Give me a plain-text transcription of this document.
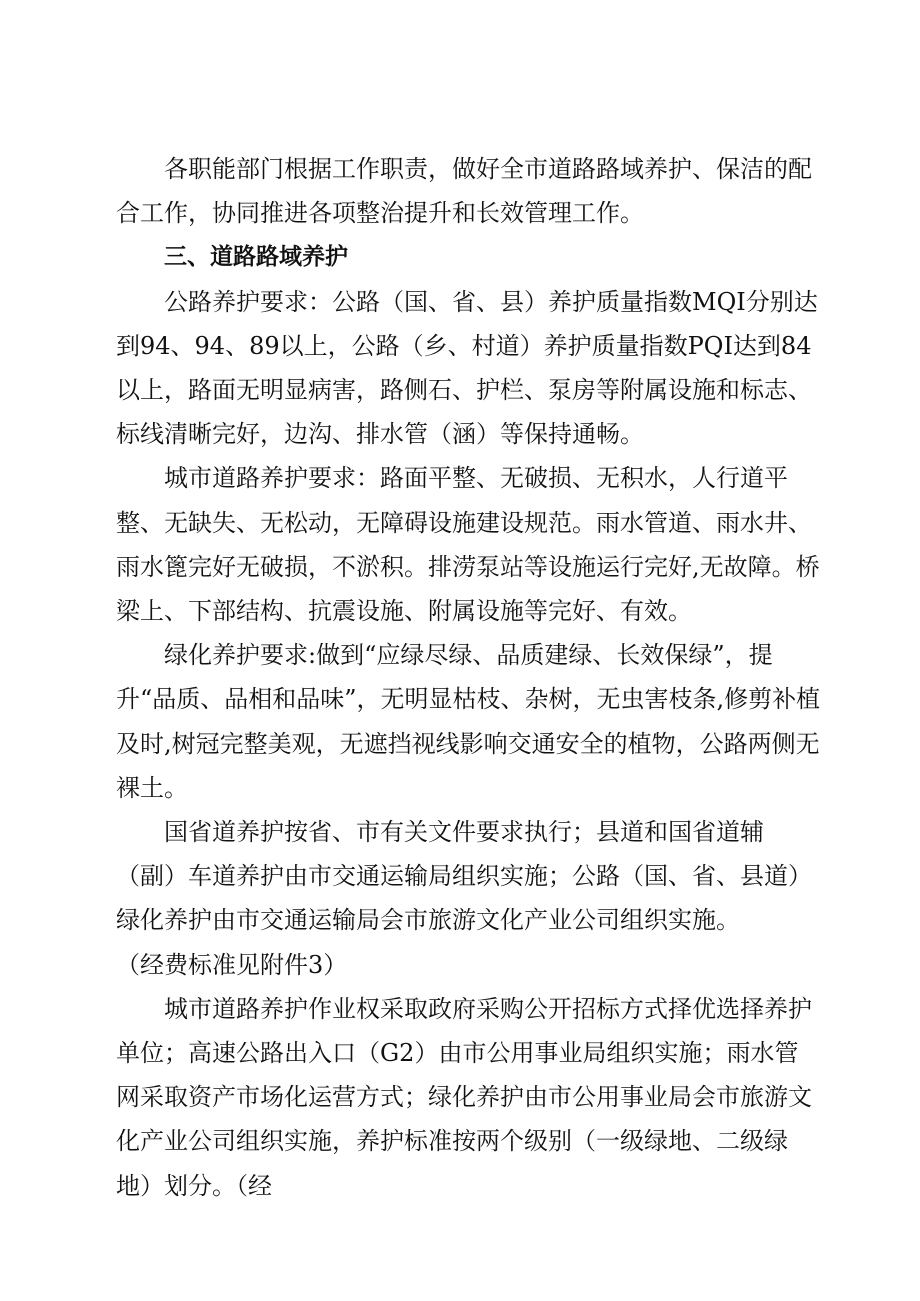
各职能部门根据工作职责，做好全市道路路域养护、保洁的配合工作，协同推进各项整治提升和长效管理工作。

三、道路路域养护

公路养护要求：公路（国、省、县）养护质量指数MQI分别达到94、94、89以上，公路（乡、村道）养护质量指数PQI达到84以上，路面无明显病害，路侧石、护栏、泵房等附属设施和标志、标线清晰完好，边沟、排水管（涵）等保持通畅。

城市道路养护要求：路面平整、无破损、无积水，人行道平整、无缺失、无松动，无障碍设施建设规范。雨水管道、雨水井、雨水篦完好无破损，不淤积。排涝泵站等设施运行完好,无故障。桥梁上、下部结构、抗震设施、附属设施等完好、有效。

绿化养护要求:做到“应绿尽绿、品质建绿、长效保绿”，提升“品质、品相和品味”，无明显枯枝、杂树，无虫害枝条,修剪补植及时,树冠完整美观，无遮挡视线影响交通安全的植物，公路两侧无裸土。

国省道养护按省、市有关文件要求执行；县道和国省道辅（副）车道养护由市交通运输局组织实施；公路（国、省、县道）绿化养护由市交通运输局会市旅游文化产业公司组织实施。

（经费标准见附件3）

城市道路养护作业权采取政府采购公开招标方式择优选择养护单位；高速公路出入口（G2）由市公用事业局组织实施；雨水管网采取资产市场化运营方式；绿化养护由市公用事业局会市旅游文化产业公司组织实施，养护标准按两个级别（一级绿地、二级绿地）划分。（经
